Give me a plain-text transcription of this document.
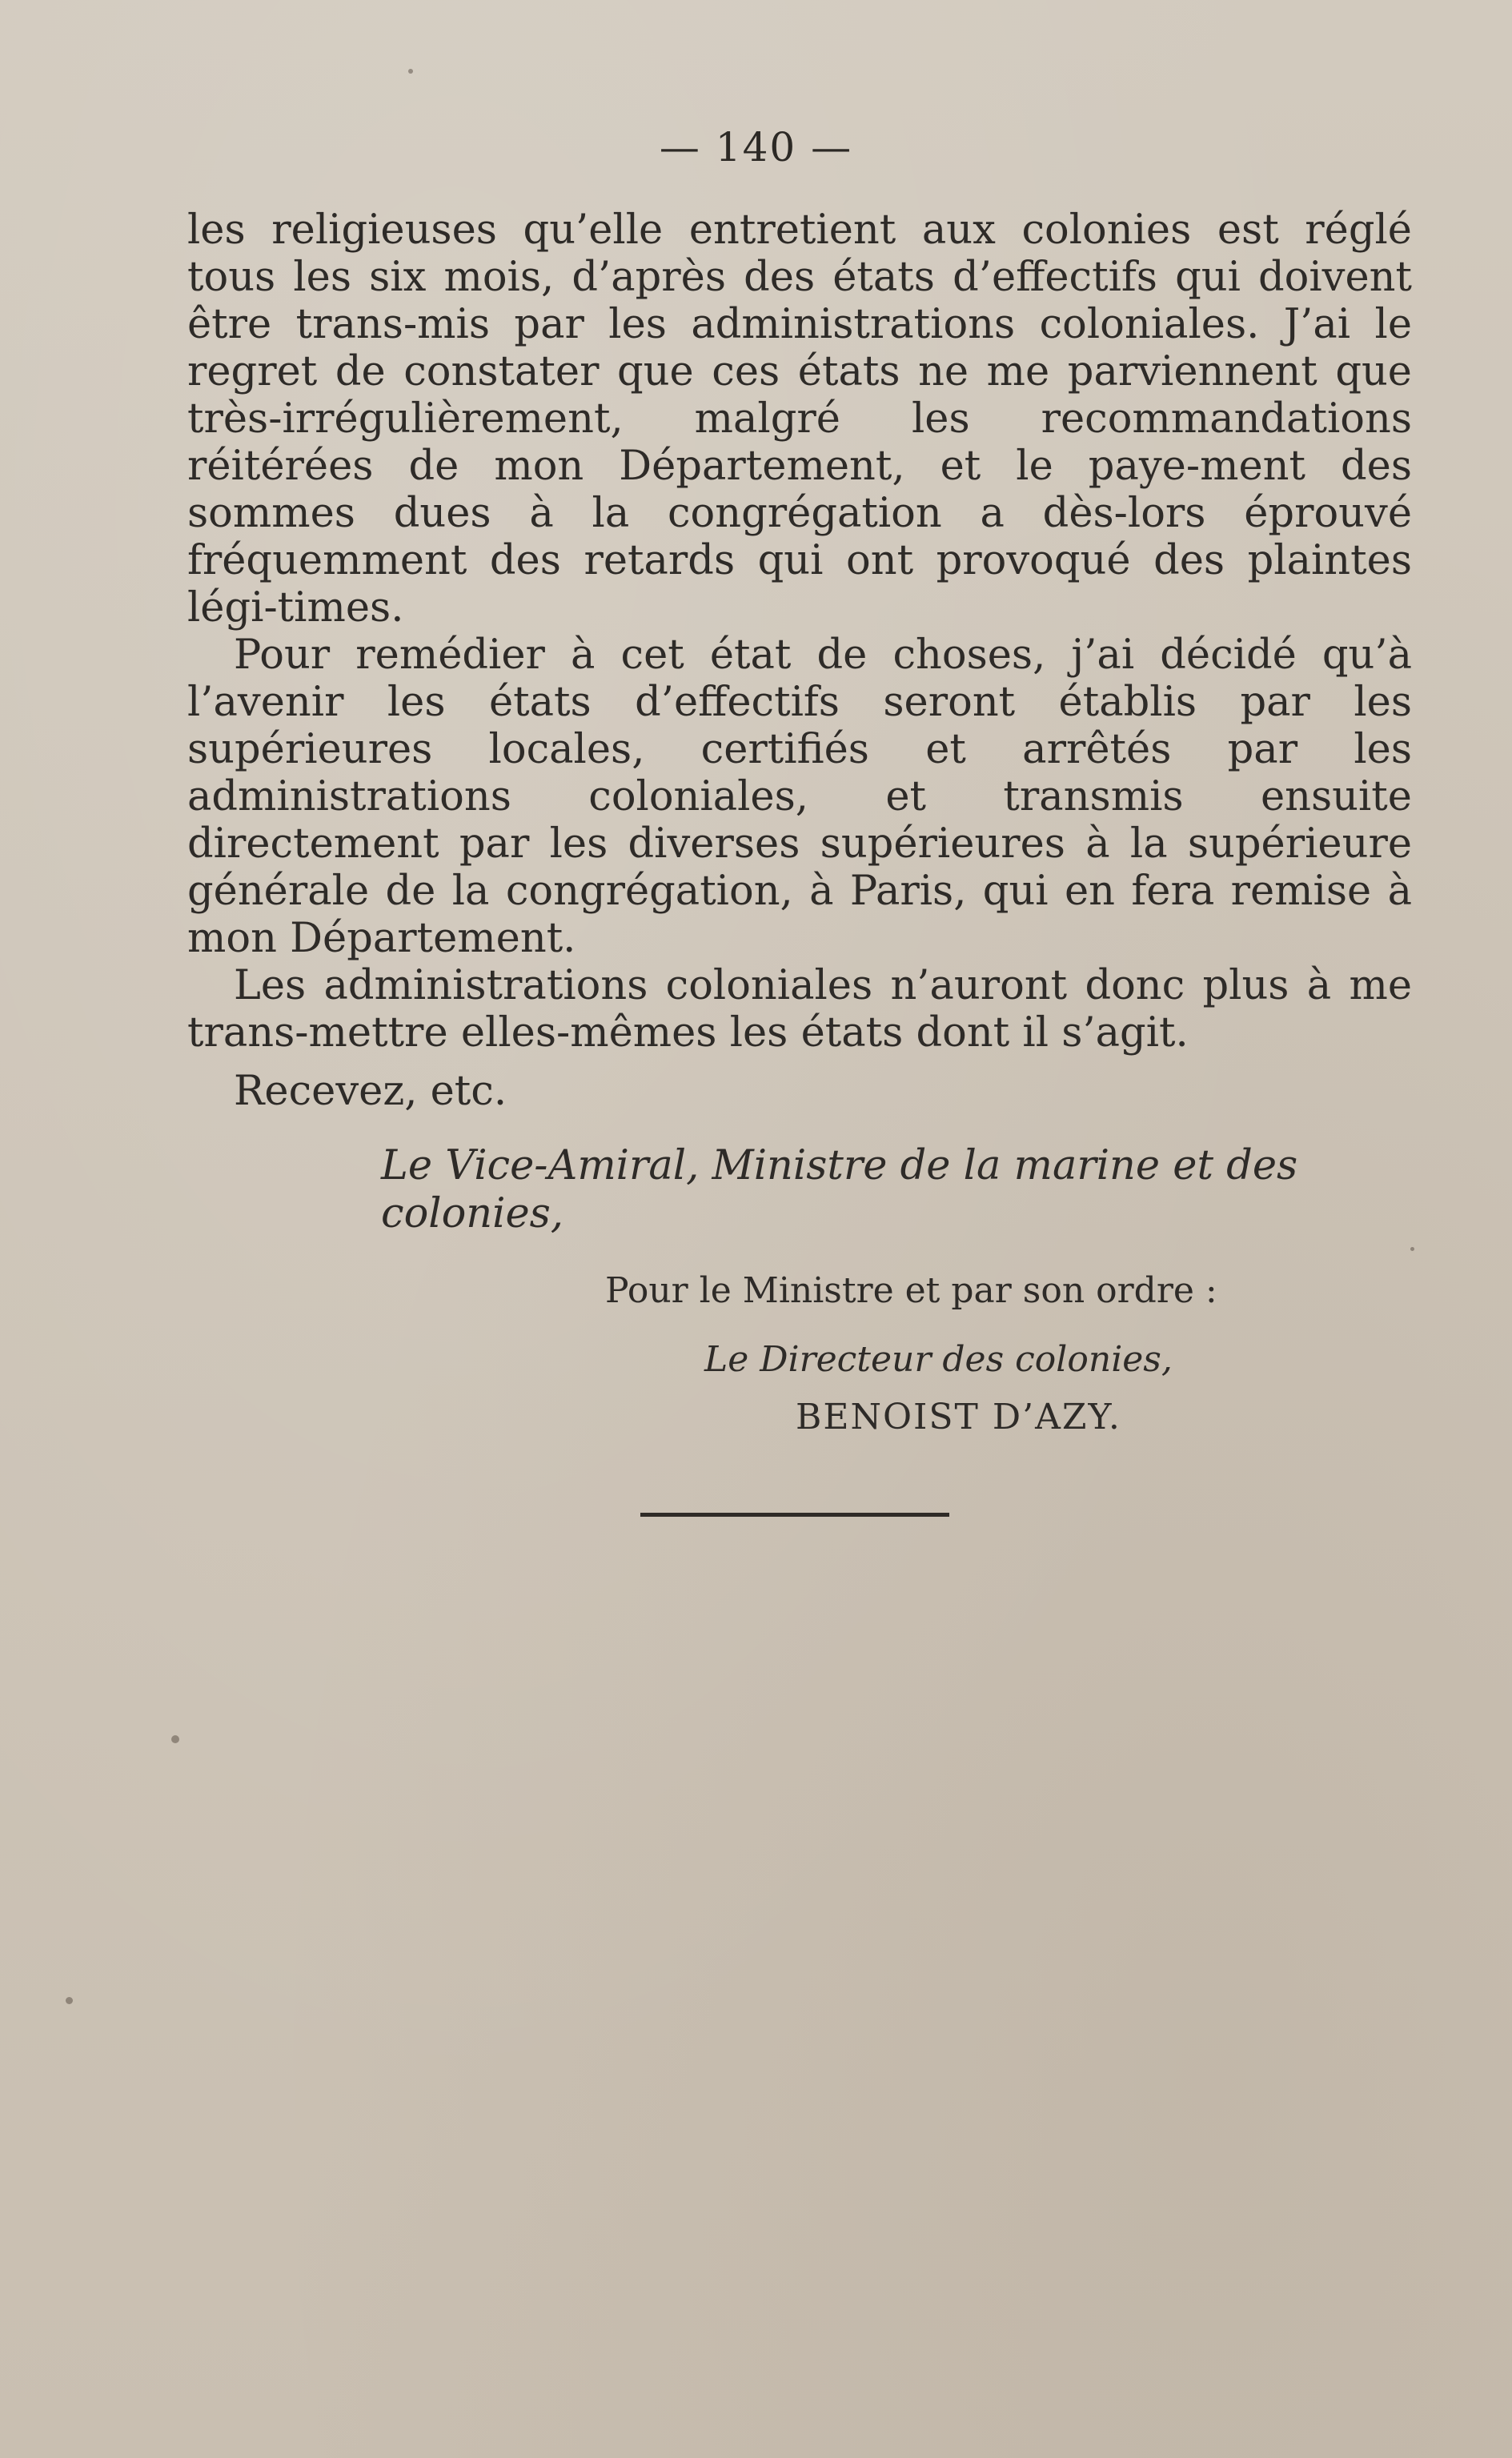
— 140 —

les religieuses qu’elle entretient aux colonies est réglé tous les six mois, d’après des états d’effectifs qui doivent être trans-mis par les administrations coloniales. J’ai le regret de constater que ces états ne me parviennent que très-irrégulièrement, malgré les recommandations réitérées de mon Département, et le paye-ment des sommes dues à la congrégation a dès-lors éprouvé fréquemment des retards qui ont provoqué des plaintes légi-times.

Pour remédier à cet état de choses, j’ai décidé qu’à l’avenir les états d’effectifs seront établis par les supérieures locales, certifiés et arrêtés par les administrations coloniales, et transmis ensuite directement par les diverses supérieures à la supérieure générale de la congrégation, à Paris, qui en fera remise à mon Département.

Les administrations coloniales n’auront donc plus à me trans-mettre elles-mêmes les états dont il s’agit.

Recevez, etc.

Le Vice-Amiral, Ministre de la marine et des colonies,

Pour le Ministre et par son ordre :

Le Directeur des colonies,

BENOIST D’AZY.
